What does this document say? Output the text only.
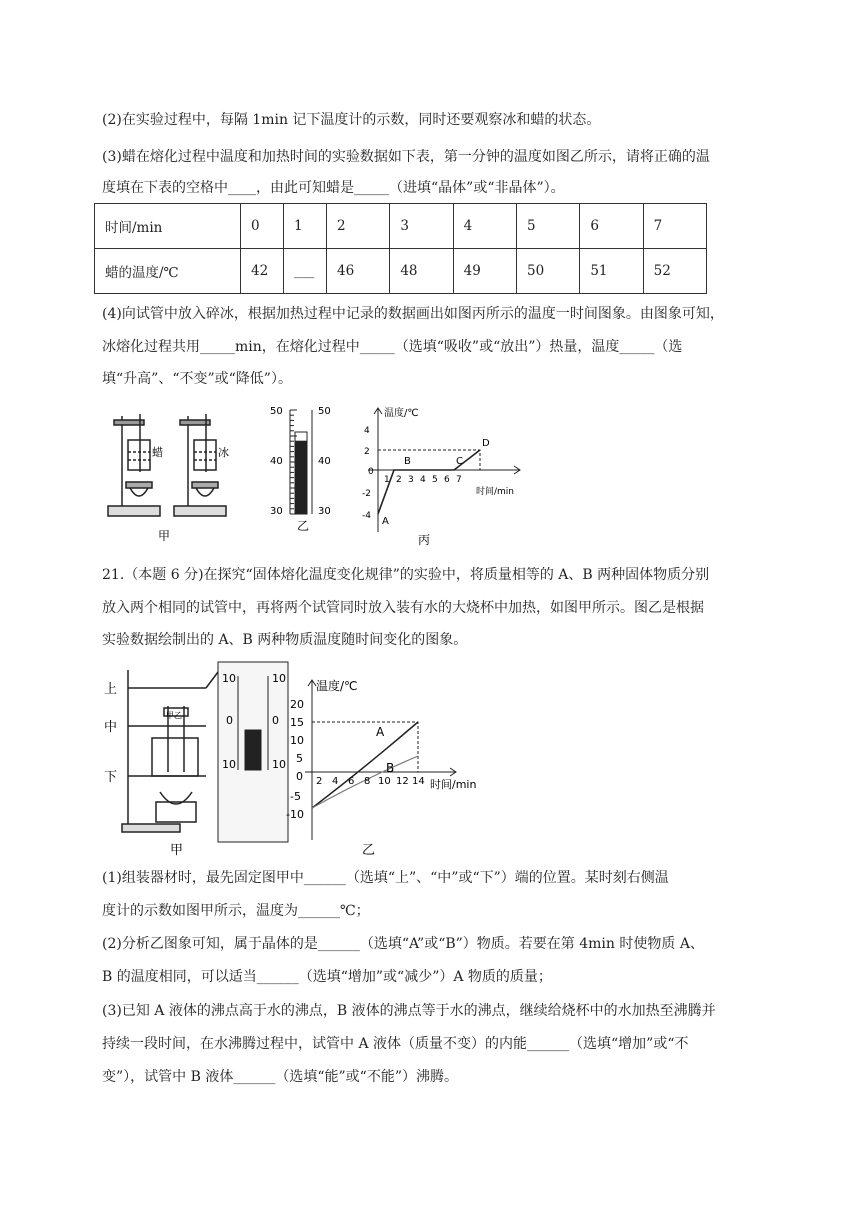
(2)在实验过程中，每隔 1min 记下温度计的示数，同时还要观察冰和蜡的状态。
(3)蜡在熔化过程中温度和加热时间的实验数据如下表，第一分钟的温度如图乙所示，请将正确的温
度填在下表的空格中____，由此可知蜡是_____（进填“晶体”或“非晶体”）。
时间/min	0	1	2	3	4	5	6	7
蜡的温度/℃	42	___	46	48	49	50	51	52
(4)向试管中放入碎冰，根据加热过程中记录的数据画出如图丙所示的温度一时间图象。由图象可知，
冰熔化过程共用_____min，在熔化过程中_____（选填“吸收”或“放出”）热量，温度_____（选
填“升高”、“不变”或“降低”）。
蜡	冰
甲
50	50
40	40
30	30
乙
温度/℃
4
2
0
-2
-4
1 2 3 4 5 6 7
时间/min
A
B	C
D
丙
21.（本题 6 分)在探究“固体熔化温度变化规律”的实验中，将质量相等的 A、B 两种固体物质分别
放入两个相同的试管中，再将两个试管同时放入装有水的大烧杯中加热，如图甲所示。图乙是根据
实验数据绘制出的 A、B 两种物质温度随时间变化的图象。
上
中
下
甲乙
甲
10	10
0	0
10	10
温度/℃
20
15
10
5
0
-5
-10
2 4 6 8 10 12 14 时间/min
A
B
乙
(1)组装器材时，最先固定图甲中______（选填“上”、“中”或“下”）端的位置。某时刻右侧温
度计的示数如图甲所示，温度为______℃；
(2)分析乙图象可知，属于晶体的是______（选填“A”或“B”）物质。若要在第 4min 时使物质 A、
B 的温度相同，可以适当______（选填“增加”或“减少”）A 物质的质量；
(3)已知 A 液体的沸点高于水的沸点，B 液体的沸点等于水的沸点，继续给烧杯中的水加热至沸腾并
持续一段时间，在水沸腾过程中，试管中 A 液体（质量不变）的内能______（选填“增加”或“不
变”），试管中 B 液体______（选填“能”或“不能”）沸腾。
